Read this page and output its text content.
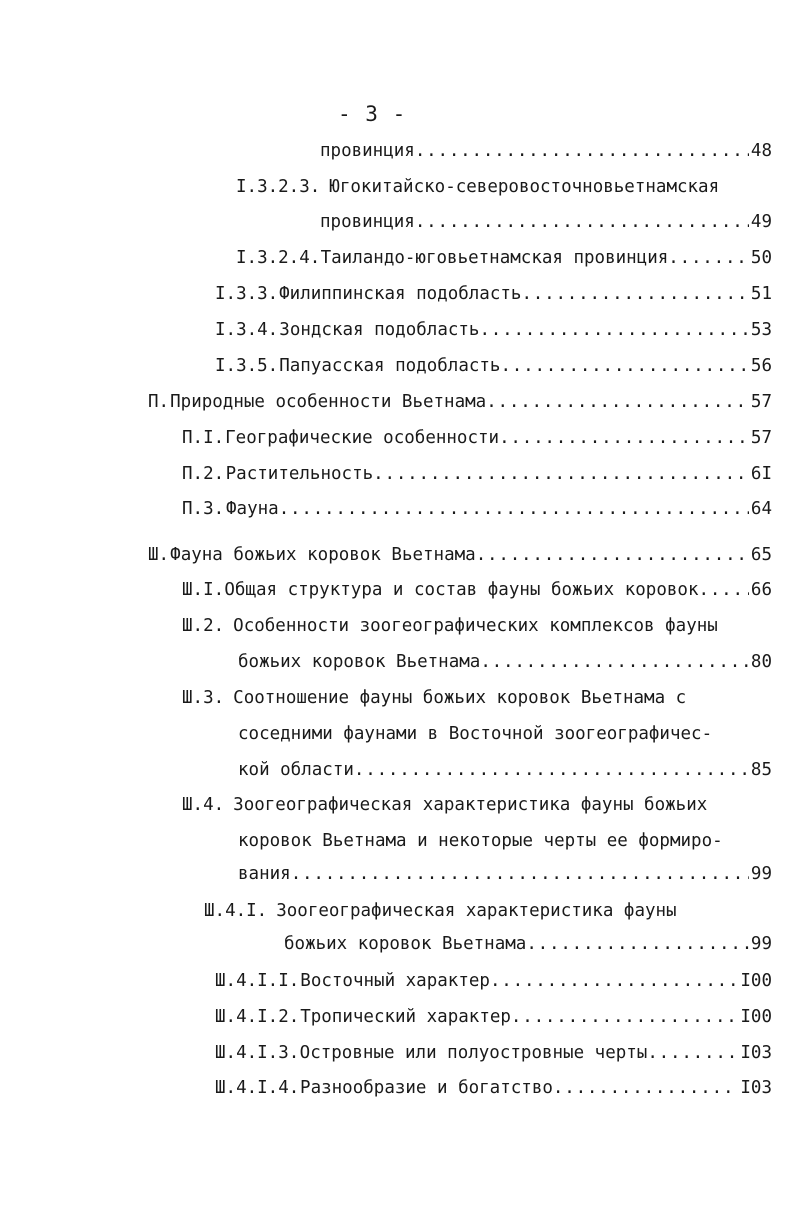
- 3 -
провинция .....	48
I.3.2.3. Югокитайско-северовосточновьетнамская
провинция .....	49
I.3.2.4. Таиландо-юговьетнамская провинция .....	50
I.3.3. Филиппинская подобласть .....	51
I.3.4. Зондская подобласть .....	53
I.3.5. Папуасская подобласть .....	56
П. Природные особенности Вьетнама .....	57
П.I. Географические особенности .....	57
П.2. Растительность .....	6I
П.3. Фауна .....	64
Ш. Фауна божьих коровок Вьетнама .....	65
Ш.I. Общая структура и состав фауны божьих коровок .....	66
Ш.2. Особенности зоогеографических комплексов фауны
божьих коровок Вьетнама .....	80
Ш.3. Соотношение фауны божьих коровок Вьетнама с
соседними фаунами в Восточной зоогеографичес-
кой области .....	85
Ш.4. Зоогеографическая характеристика фауны божьих
коровок Вьетнама и некоторые черты ее формиро-
вания .....	99
Ш.4.I. Зоогеографическая характеристика фауны
божьих коровок Вьетнама .....	99
Ш.4.I.I. Восточный характер .....	I00
Ш.4.I.2. Тропический характер .....	I00
Ш.4.I.3. Островные или полуостровные черты .....	I03
Ш.4.I.4. Разнообразие и богатство .....	I03
